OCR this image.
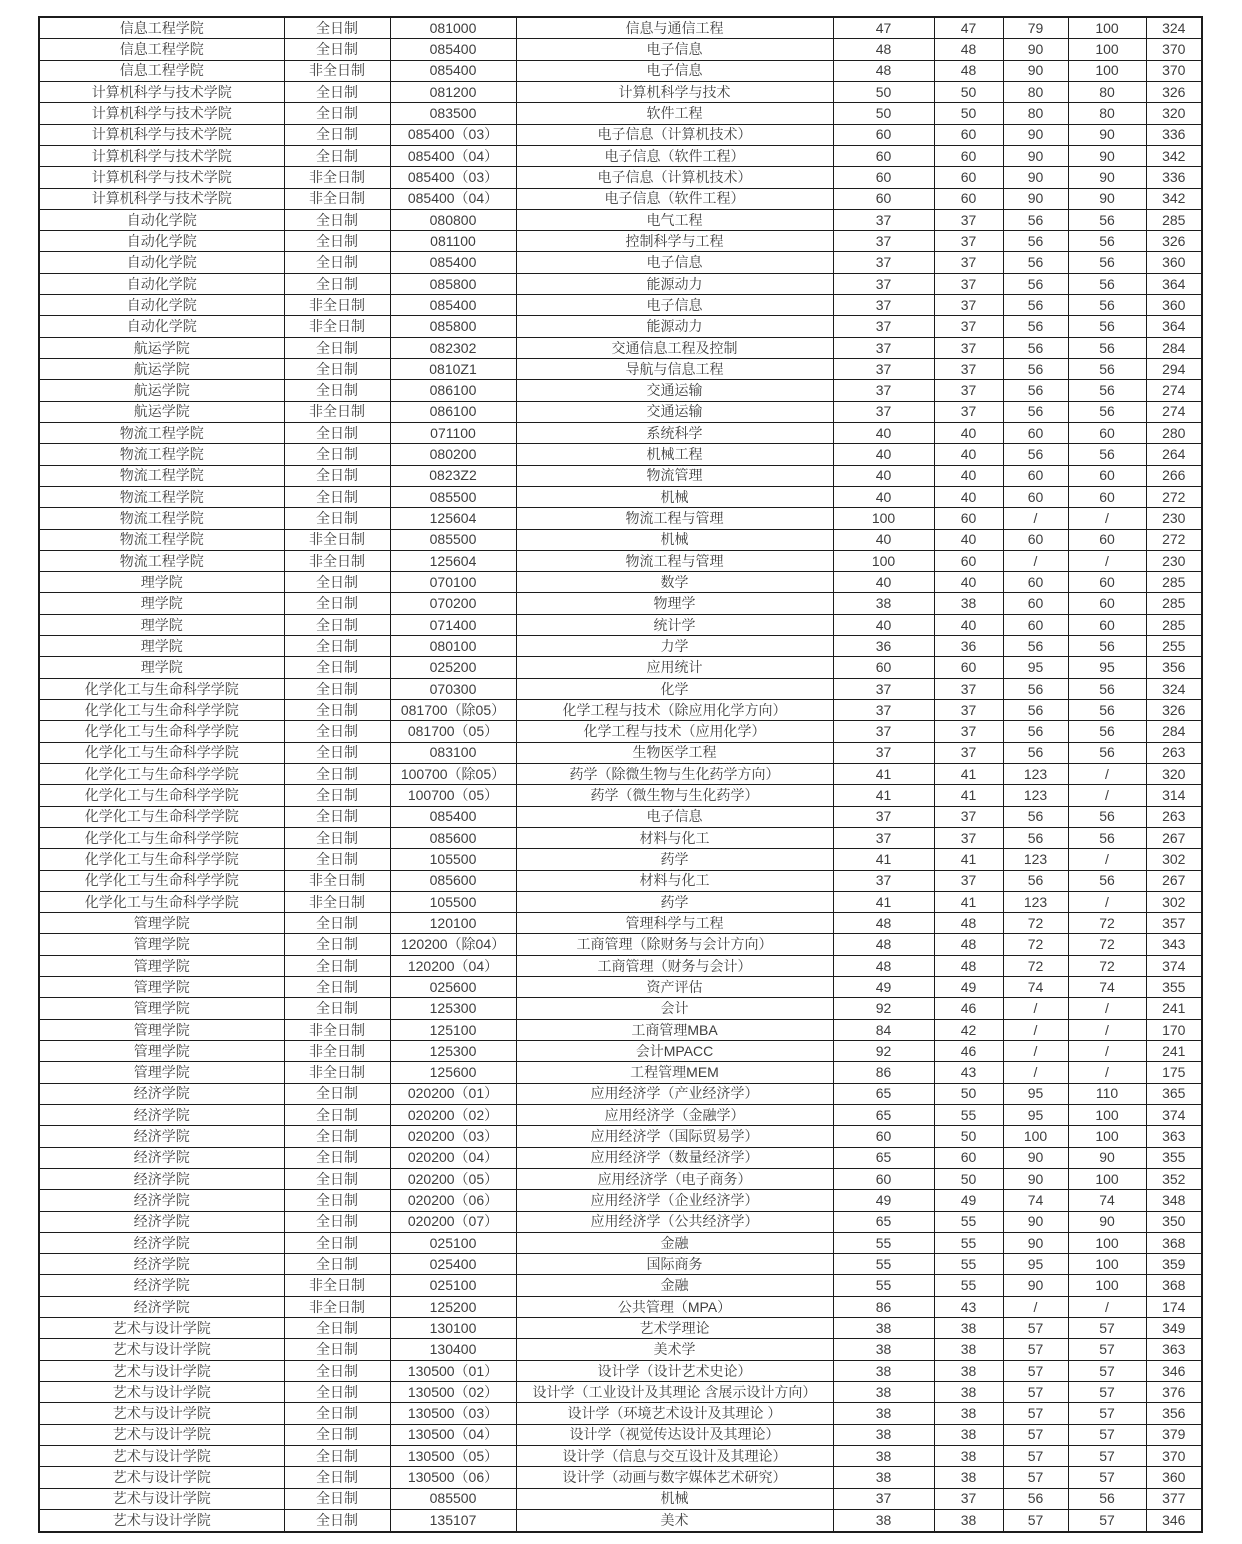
信息工程学院	全日制	081000	信息与通信工程	47	47	79	100	324
信息工程学院	全日制	085400	电子信息	48	48	90	100	370
信息工程学院	非全日制	085400	电子信息	48	48	90	100	370
计算机科学与技术学院	全日制	081200	计算机科学与技术	50	50	80	80	326
计算机科学与技术学院	全日制	083500	软件工程	50	50	80	80	320
计算机科学与技术学院	全日制	085400（03）	电子信息（计算机技术）	60	60	90	90	336
计算机科学与技术学院	全日制	085400（04）	电子信息（软件工程）	60	60	90	90	342
计算机科学与技术学院	非全日制	085400（03）	电子信息（计算机技术）	60	60	90	90	336
计算机科学与技术学院	非全日制	085400（04）	电子信息（软件工程）	60	60	90	90	342
自动化学院	全日制	080800	电气工程	37	37	56	56	285
自动化学院	全日制	081100	控制科学与工程	37	37	56	56	326
自动化学院	全日制	085400	电子信息	37	37	56	56	360
自动化学院	全日制	085800	能源动力	37	37	56	56	364
自动化学院	非全日制	085400	电子信息	37	37	56	56	360
自动化学院	非全日制	085800	能源动力	37	37	56	56	364
航运学院	全日制	082302	交通信息工程及控制	37	37	56	56	284
航运学院	全日制	0810Z1	导航与信息工程	37	37	56	56	294
航运学院	全日制	086100	交通运输	37	37	56	56	274
航运学院	非全日制	086100	交通运输	37	37	56	56	274
物流工程学院	全日制	071100	系统科学	40	40	60	60	280
物流工程学院	全日制	080200	机械工程	40	40	56	56	264
物流工程学院	全日制	0823Z2	物流管理	40	40	60	60	266
物流工程学院	全日制	085500	机械	40	40	60	60	272
物流工程学院	全日制	125604	物流工程与管理	100	60	/	/	230
物流工程学院	非全日制	085500	机械	40	40	60	60	272
物流工程学院	非全日制	125604	物流工程与管理	100	60	/	/	230
理学院	全日制	070100	数学	40	40	60	60	285
理学院	全日制	070200	物理学	38	38	60	60	285
理学院	全日制	071400	统计学	40	40	60	60	285
理学院	全日制	080100	力学	36	36	56	56	255
理学院	全日制	025200	应用统计	60	60	95	95	356
化学化工与生命科学学院	全日制	070300	化学	37	37	56	56	324
化学化工与生命科学学院	全日制	081700（除05）	化学工程与技术（除应用化学方向）	37	37	56	56	326
化学化工与生命科学学院	全日制	081700（05）	化学工程与技术（应用化学）	37	37	56	56	284
化学化工与生命科学学院	全日制	083100	生物医学工程	37	37	56	56	263
化学化工与生命科学学院	全日制	100700（除05）	药学（除微生物与生化药学方向）	41	41	123	/	320
化学化工与生命科学学院	全日制	100700（05）	药学（微生物与生化药学）	41	41	123	/	314
化学化工与生命科学学院	全日制	085400	电子信息	37	37	56	56	263
化学化工与生命科学学院	全日制	085600	材料与化工	37	37	56	56	267
化学化工与生命科学学院	全日制	105500	药学	41	41	123	/	302
化学化工与生命科学学院	非全日制	085600	材料与化工	37	37	56	56	267
化学化工与生命科学学院	非全日制	105500	药学	41	41	123	/	302
管理学院	全日制	120100	管理科学与工程	48	48	72	72	357
管理学院	全日制	120200（除04）	工商管理（除财务与会计方向）	48	48	72	72	343
管理学院	全日制	120200（04）	工商管理（财务与会计）	48	48	72	72	374
管理学院	全日制	025600	资产评估	49	49	74	74	355
管理学院	全日制	125300	会计	92	46	/	/	241
管理学院	非全日制	125100	工商管理MBA	84	42	/	/	170
管理学院	非全日制	125300	会计MPACC	92	46	/	/	241
管理学院	非全日制	125600	工程管理MEM	86	43	/	/	175
经济学院	全日制	020200（01）	应用经济学（产业经济学）	65	50	95	110	365
经济学院	全日制	020200（02）	应用经济学（金融学）	65	55	95	100	374
经济学院	全日制	020200（03）	应用经济学（国际贸易学）	60	50	100	100	363
经济学院	全日制	020200（04）	应用经济学（数量经济学）	65	60	90	90	355
经济学院	全日制	020200（05）	应用经济学（电子商务）	60	50	90	100	352
经济学院	全日制	020200（06）	应用经济学（企业经济学）	49	49	74	74	348
经济学院	全日制	020200（07）	应用经济学（公共经济学）	65	55	90	90	350
经济学院	全日制	025100	金融	55	55	90	100	368
经济学院	全日制	025400	国际商务	55	55	95	100	359
经济学院	非全日制	025100	金融	55	55	90	100	368
经济学院	非全日制	125200	公共管理（MPA）	86	43	/	/	174
艺术与设计学院	全日制	130100	艺术学理论	38	38	57	57	349
艺术与设计学院	全日制	130400	美术学	38	38	57	57	363
艺术与设计学院	全日制	130500（01）	设计学（设计艺术史论）	38	38	57	57	346
艺术与设计学院	全日制	130500（02）	设计学（工业设计及其理论 含展示设计方向）	38	38	57	57	376
艺术与设计学院	全日制	130500（03）	设计学（环境艺术设计及其理论 ）	38	38	57	57	356
艺术与设计学院	全日制	130500（04）	设计学（视觉传达设计及其理论）	38	38	57	57	379
艺术与设计学院	全日制	130500（05）	设计学（信息与交互设计及其理论）	38	38	57	57	370
艺术与设计学院	全日制	130500（06）	设计学（动画与数字媒体艺术研究）	38	38	57	57	360
艺术与设计学院	全日制	085500	机械	37	37	56	56	377
艺术与设计学院	全日制	135107	美术	38	38	57	57	346
